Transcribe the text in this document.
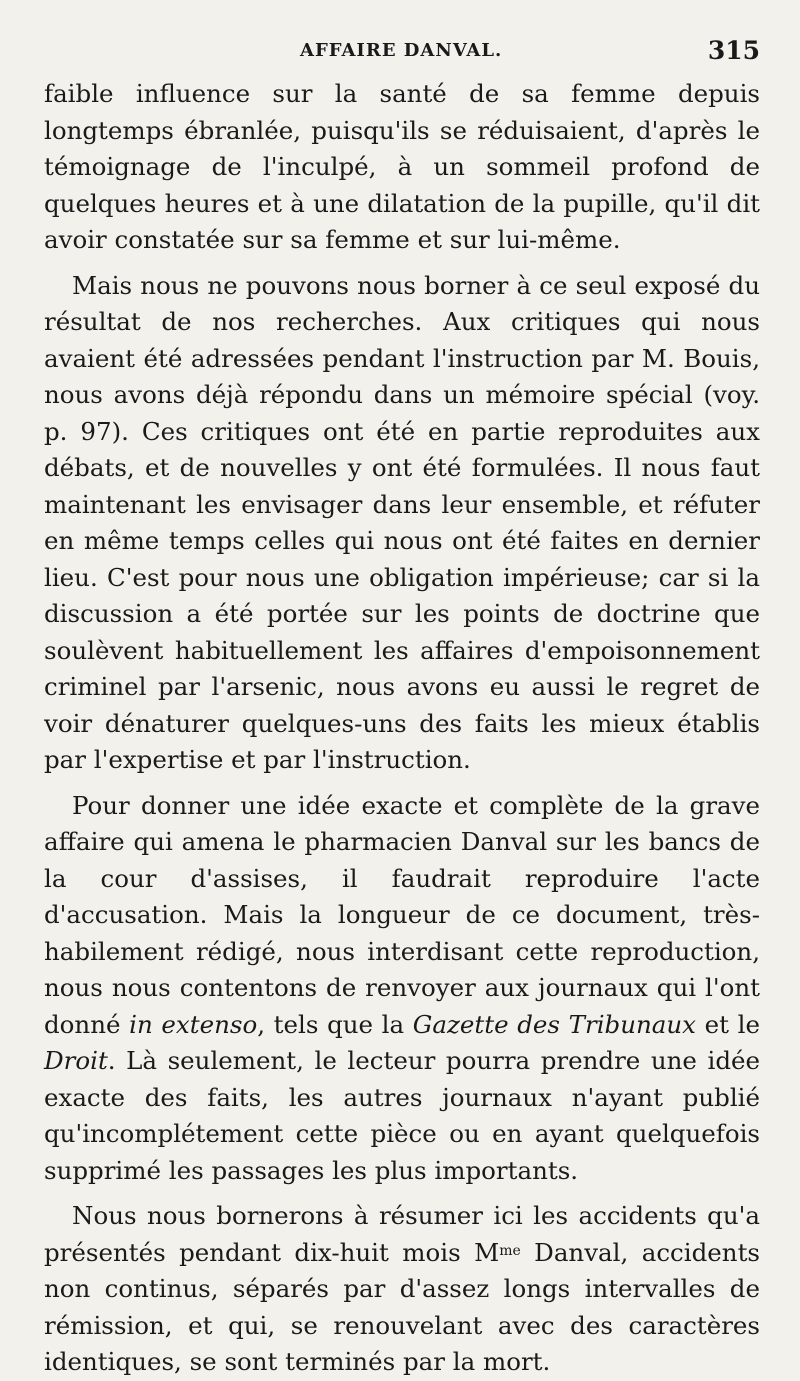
AFFAIRE DANVAL.	315

faible influence sur la santé de sa femme depuis longtemps ébranlée, puisqu'ils se réduisaient, d'après le témoignage de l'inculpé, à un sommeil profond de quelques heures et à une dilatation de la pupille, qu'il dit avoir constatée sur sa femme et sur lui-même.

Mais nous ne pouvons nous borner à ce seul exposé du résultat de nos recherches. Aux critiques qui nous avaient été adressées pendant l'instruction par M. Bouis, nous avons déjà répondu dans un mémoire spécial (voy. p. 97). Ces critiques ont été en partie reproduites aux débats, et de nouvelles y ont été formulées. Il nous faut maintenant les envisager dans leur ensemble, et réfuter en même temps celles qui nous ont été faites en dernier lieu. C'est pour nous une obligation impérieuse; car si la discussion a été portée sur les points de doctrine que soulèvent habituellement les affaires d'empoisonnement criminel par l'arsenic, nous avons eu aussi le regret de voir dénaturer quelques-uns des faits les mieux établis par l'expertise et par l'instruction.

Pour donner une idée exacte et complète de la grave affaire qui amena le pharmacien Danval sur les bancs de la cour d'assises, il faudrait reproduire l'acte d'accusation. Mais la longueur de ce document, très-habilement rédigé, nous interdisant cette reproduction, nous nous contentons de renvoyer aux journaux qui l'ont donné in extenso, tels que la Gazette des Tribunaux et le Droit. Là seulement, le lecteur pourra prendre une idée exacte des faits, les autres journaux n'ayant publié qu'incomplétement cette pièce ou en ayant quelquefois supprimé les passages les plus importants.

Nous nous bornerons à résumer ici les accidents qu'a présentés pendant dix-huit mois $M^{me}$ Danval, accidents non continus, séparés par d'assez longs intervalles de rémission, et qui, se renouvelant avec des caractères identiques, se sont terminés par la mort.
